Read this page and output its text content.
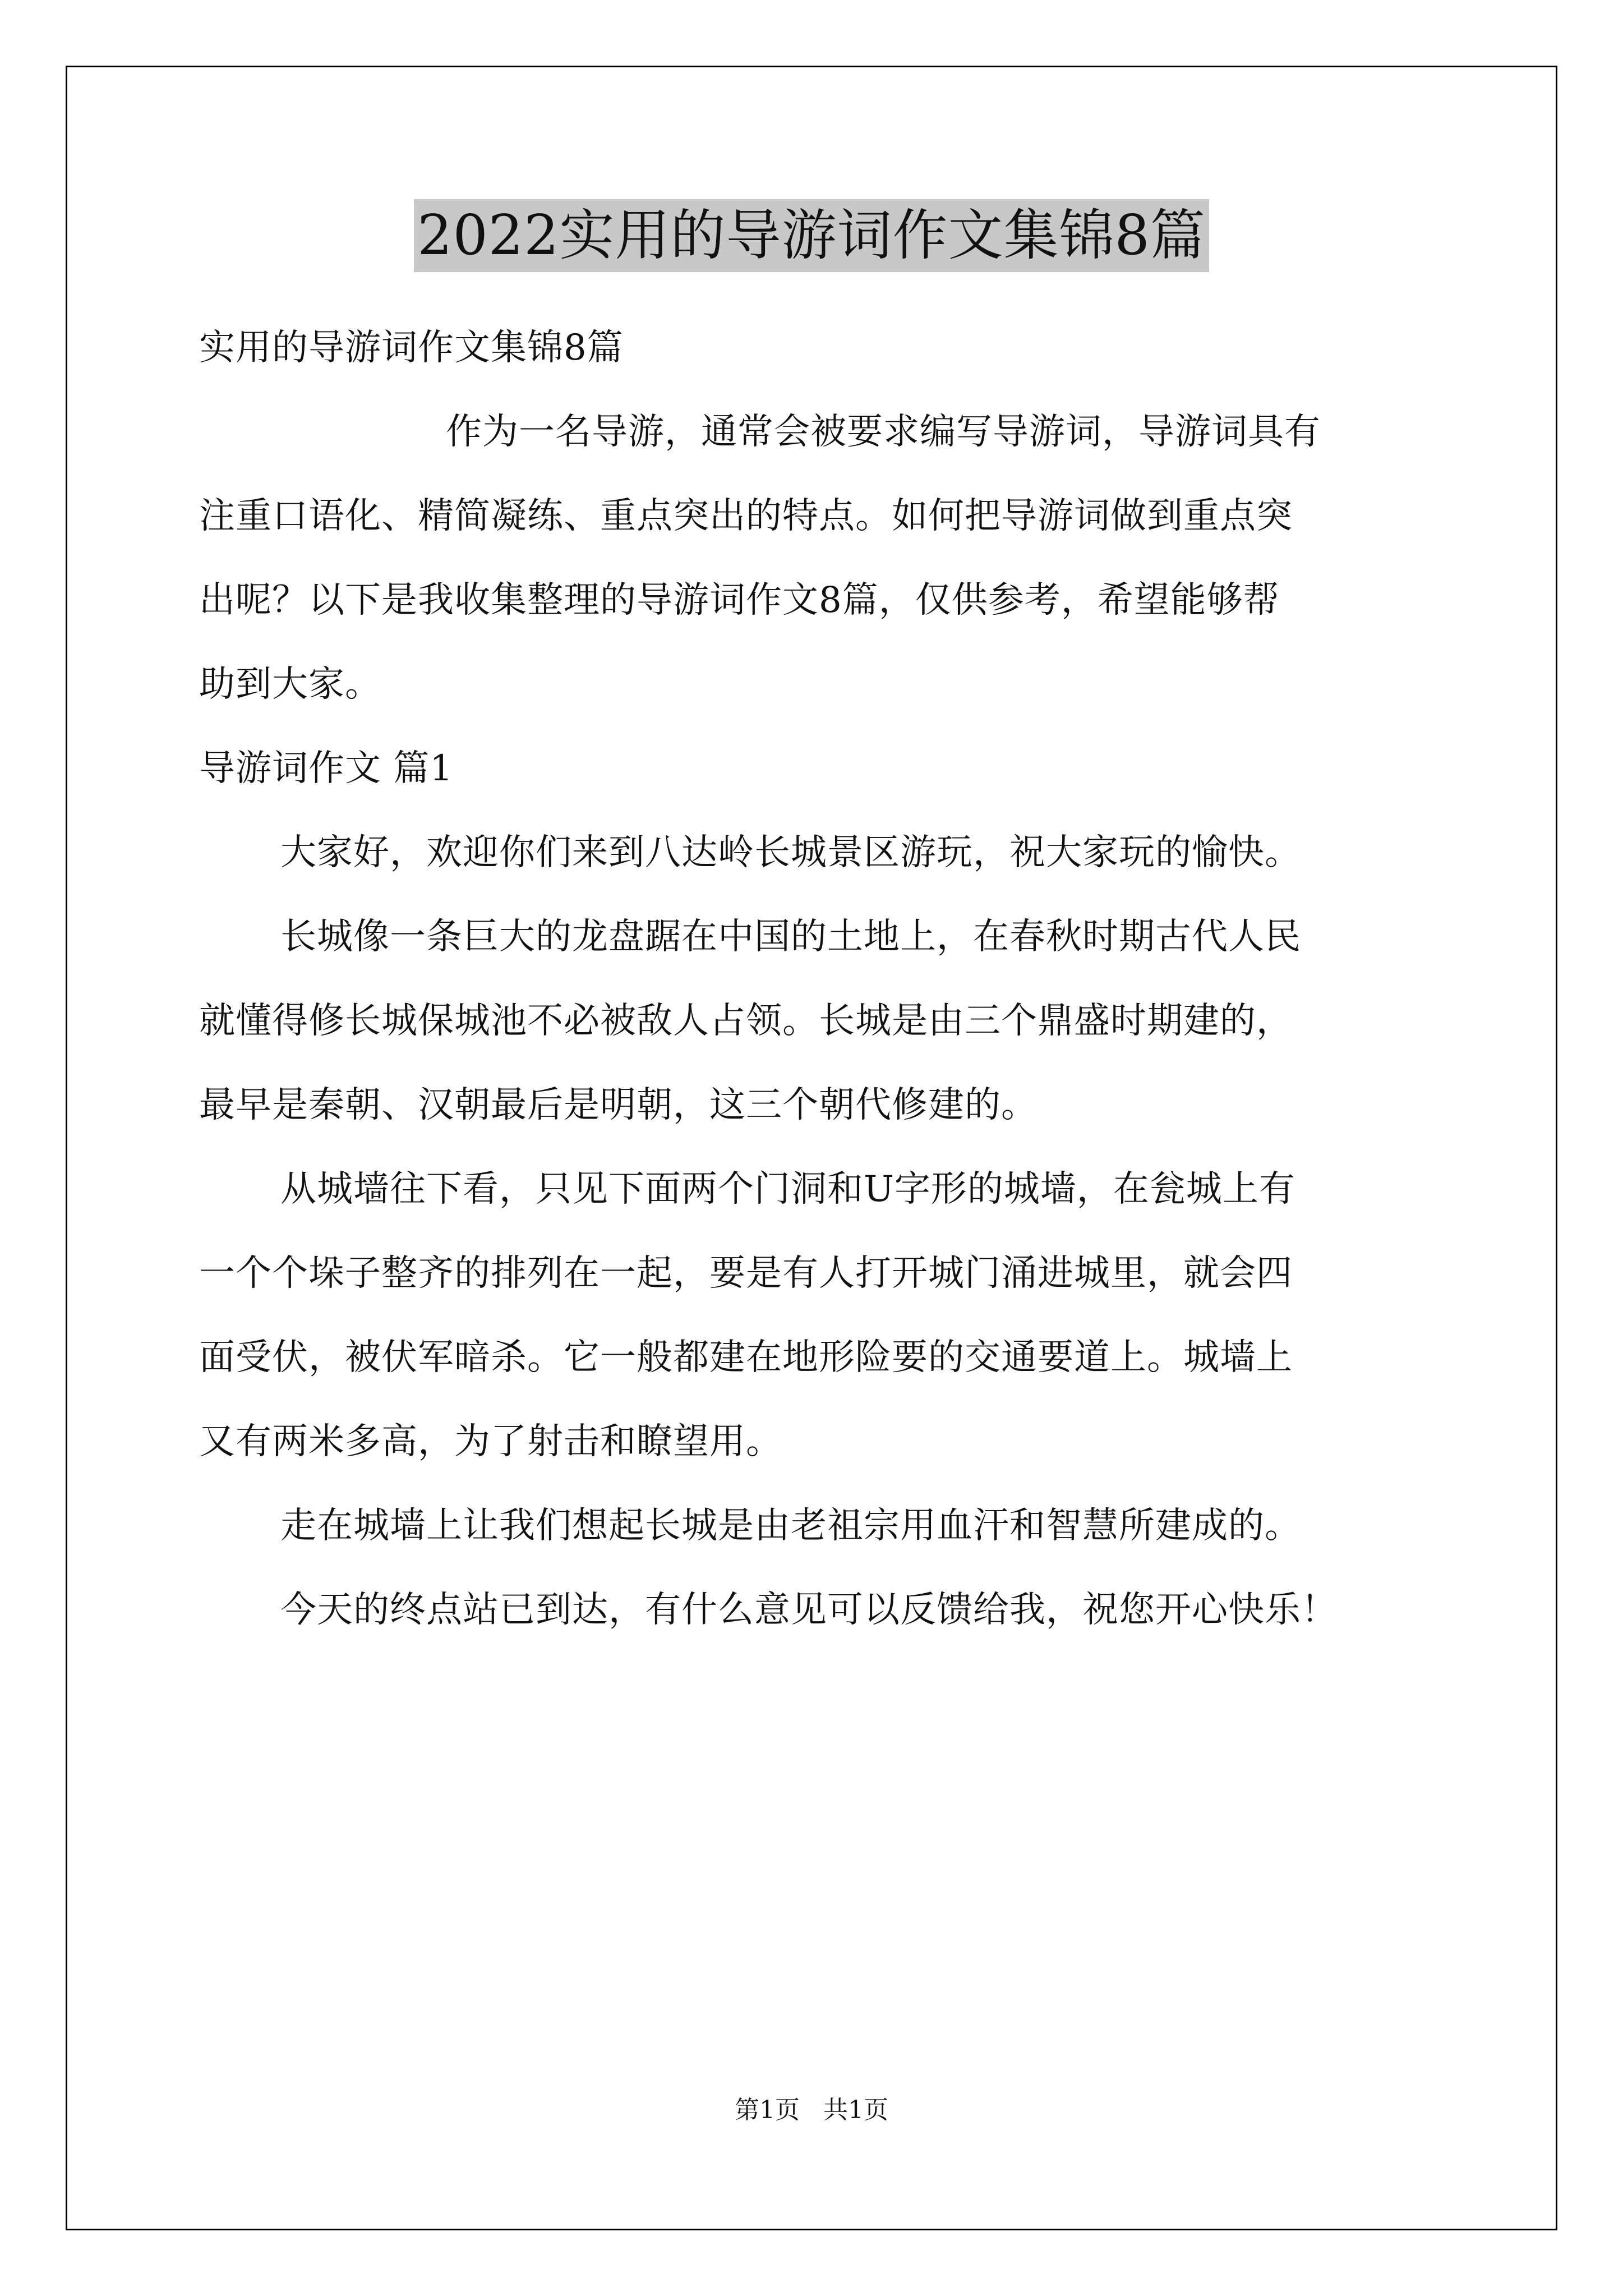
2022实用的导游词作文集锦8篇
实用的导游词作文集锦8篇
作为一名导游，通常会被要求编写导游词，导游词具有
注重口语化、精简凝练、重点突出的特点。如何把导游词做到重点突
出呢？以下是我收集整理的导游词作文8篇，仅供参考，希望能够帮
助到大家。
导游词作文 篇1
大家好，欢迎你们来到八达岭长城景区游玩，祝大家玩的愉快。
长城像一条巨大的龙盘踞在中国的土地上，在春秋时期古代人民
就懂得修长城保城池不必被敌人占领。长城是由三个鼎盛时期建的，
最早是秦朝、汉朝最后是明朝，这三个朝代修建的。
从城墙往下看，只见下面两个门洞和U字形的城墙，在瓮城上有
一个个垛子整齐的排列在一起，要是有人打开城门涌进城里，就会四
面受伏，被伏军暗杀。它一般都建在地形险要的交通要道上。城墙上
又有两米多高，为了射击和瞭望用。
走在城墙上让我们想起长城是由老祖宗用血汗和智慧所建成的。
今天的终点站已到达，有什么意见可以反馈给我，祝您开心快乐！
第1页   共1页
